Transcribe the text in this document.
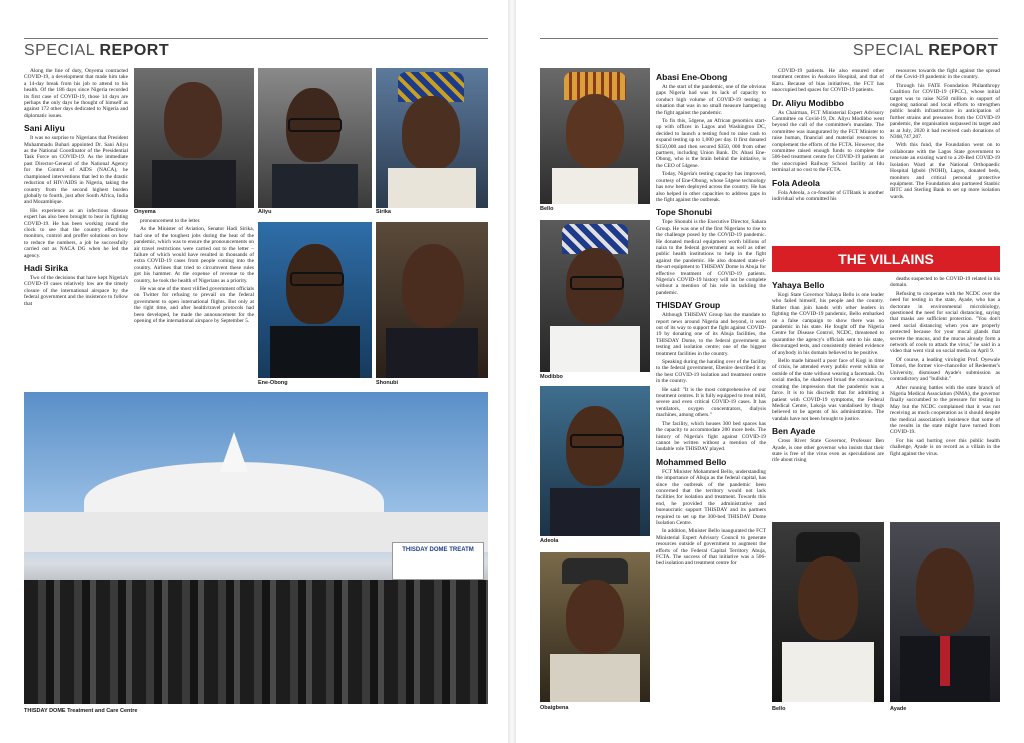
SPECIAL REPORT

Along the line of duty, Onyema contracted COVID-19, a development that made him take a 14-day break from his job to attend to his health. Of the 186 days since Nigeria recorded its first case of COVID-19, those 14 days are perhaps the only days he thought of himself as against 172 other days dedicated to Nigeria and diplomatic issues.

Sani Aliyu

It was no surprise to Nigerians that President Muhammadu Buhari appointed Dr. Sani Aliyu as the National Coordinator of the Presidential Task Force on COVID-19. As the immediate past Director-General of the National Agency for the Control of AIDS (NACA), he championed interventions that led to the drastic reduction of HIV/AIDS in Nigeria, taking the country from the second highest burden globally to fourth, just after South Africa, India and Mozambique.

His experience as an infectious disease expert has also been brought to bear in fighting COVID-19. He has been working round the clock to see that the country effectively monitors, control and proffer solutions on how to reduce the numbers, a job he successfully carried out as NACA DG when he led the agency.

Hadi Sirika

Two of the decisions that have kept Nigeria's COVID-19 cases relatively low are the timely closure of the international airspace by the federal government and the insistence to follow that

Onyema	Aliyu	Sirika

pronouncement to the letter.

As the Minister of Aviation, Senator Hadi Sirika, had one of the toughest jobs during the heat of the pandemic, which was to ensure the pronouncements on air travel restrictions were carried out to the letter – failure of which would have resulted in thousands of extra COVID-19 cases from people coming into the country. Airlines that tried to circumvent these rules got his hammer. At the expense of revenue to the country, he took the health of Nigerians as a priority.

He was one of the most vilified government officials on Twitter for refusing to prevail on the federal government to open international flights. But only at the right time, and after health/travel protocols had been developed, he made the announcement for the opening of the international airspace by September 5.

Ene-Obong	Shonubi
THISDAY DOME TREATM
THISDAY DOME Treatment and Care Centre
SPECIAL REPORT
Bello
Modibbo
Adeola
Obaigbena
Abasi Ene-Obong

At the start of the pandemic, one of the obvious gaps Nigeria had was its lack of capacity to conduct high volume of COVID-19 testing; a situation that was in no small measure hampering the fight against the pandemic.

To fix this, 54gene, an African genomics start-up with offices in Lagos and Washington DC, decided to launch a testing fund to raise cash to expand testing up to 1,000 per day. It first donated $150,000 and then secured $350, 000 from other partners, including Union Bank. Dr. Abasi Ene-Obong, who is the brain behind the initiative, is the CEO of 54gene.

Today, Nigeria's testing capacity has improved, courtesy of Ene-Obong, whose 54gene technology has now been deployed across the country. He has also helped in other capacities to address gaps in the fight against the outbreak.

Tope Shonubi

Tope Shonubi is the Executive Director, Sahara Group. He was one of the first Nigerians to rise to the challenge posed by the COVID-19 pandemic. He donated medical equipment worth billions of naira to the federal government as well as other public health institutions to help in the fight against the pandemic. He also donated state-of-the-art equipment to THISDAY Dome in Abuja for effective treatment of COVID-19 patients. Nigeria's COVID-19 history will not be complete without a mention of his role in tackling the pandemic.

THISDAY Group

Although THISDAY Group has the mandate to report news around Nigeria and beyond, it went out of its way to support the fight against COVID-19 by donating one of its Abuja facilities, the THISDAY Dome, to the federal government as testing and isolation centre; one of the biggest treatment facilities in the country.

Speaking during the handing over of the facility to the federal government, Ebenire described it as the best COVID-19 isolation and treatment centre in the country.

He said: "It is the most comprehensive of our treatment centres. It is fully equipped to treat mild, severe and even critical COVID-19 cases. It has ventilators, oxygen concentrators, dialysis machines, among others."

The facility, which houses 300 bed spaces has the capacity to accommodate 200 more beds. The history of Nigeria's fight against COVID-19 cannot be written without a mention of the laudable role THISDAY played.

Mohammed Bello

FCT Minister Mohammed Bello, understanding the importance of Abuja as the federal capital, has since the outbreak of the pandemic been concerned that the territory would not lack facilities for isolation and treatment. Towards this end, he provided the administrative and bureaucratic support THISDAY and its partners required to set up the 300-bed THISDAY Dome Isolation Centre.

In addition, Minister Bello inaugurated the FCT Ministerial Expert Advisory Council to generate resources outside of government to augment the efforts of the Federal Capital Territory Abuja, FCTA. The success of that initiative was a 506-bed isolation and treatment centre for

COVID-19 patients. He also ensured other treatment centres in Asokoro Hospital, and that of Karu. Because of bias initiatives, the FCT has unoccupied bed spaces for COVID-19 patients.

Dr. Aliyu Modibbo

As Chairman, FCT Ministerial Expert Advisory Committee on Covid-19, Dr. Aliyu Modibbo went beyond the call of the committee's mandate. The committee was inaugurated by the FCT Minister to raise human, financial and material resources to complement the efforts of the FCTA. However, the committee raised enough funds to complete the 506-bed treatment centre for COVID-19 patients at the unoccupied Railway School facility at Idu terminal at no cost to the FCTA.

Fola Adeola

Fola Adeola, a co-founder of GTBank is another individual who committed his

resources towards the fight against the spread of the Covid-19 pandemic in the country.

Through his FATE Foundation Philanthropy Coalition for COVID-19 (FPCC), whose initial target was to raise N250 million in support of ongoing national and local efforts to strengthen public health infrastructure in anticipation of further strains and pressures from the COVID-19 pandemic, the organisation surpassed its target and as at July, 2020 it had received cash donations of N368,747,207.

With this fund, the Foundation went on to collaborate with the Lagos State government to renovate an existing ward to a 20-Bed COVID-19 Isolation Ward at the National Orthopaedic Hospital Igbobi (NOHI), Lagos, donated beds, monitors and critical personal protective equipment. The Foundation also partnered Stanbic IBTC and Sterling Bank to set up more isolation wards.

THE VILLAINS
Yahaya Bello

Kogi State Governor Yahaya Bello is one leader who failed himself, his people and the country. Rather than join hands with other leaders in fighting the COVID-19 pandemic, Bello embarked on a false campaign to show there was no pandemic in his state. He fought off the Nigeria Centre for Disease Control, NCDC, threatened to quarantine the agency's officials sent to his state, discouraged tests, and consistently denied evidence of anybody in his domain believed to be positive.

Bello made himself a poor face of Kogi in time of crisis, he attended every public event within or outside of the state without wearing a facemask. On social media, he shadowed broad the coronavirus, creating the impression that the pandemic was a farce. It is to his discredit that for admitting a patient with COVID-19 symptoms, the Federal Medical Centre, Lokoja was vandalised by thugs believed to be agents of his administration. The vandals have not been brought to justice.

Ben Ayade

Cross River State Governor, Professor Ben Ayade, is one other governor who insists that their state is free of the virus even as speculations are rife about rising

deaths suspected to be COVID-19 related in his domain.

Refusing to cooperate with the NCDC over the need for testing in the state, Ayade, who has a doctorate in environmental microbiology, questioned the need for social distancing, saying that masks are sufficient protection. "You don't need social distancing when you are properly protected because for your mucal glands that secrete the mucus, and the mucus already form a network of cools to attack the virus," he said in a video that went viral on social media on April 9.

Of course, a leading virologist Prof. Oyewale Tomori, the former vice-chancellor of Redeemer's University, dismissed Ayade's submission as contradictory and "bullshit."

After running battles with the state branch of Nigeria Medical Association (NMA), the governor finally succumbed to the pressure for testing in May but the NCDC complained that it was not receiving as much cooperation as it should despite the medical association's insistence that some of the results in the state might have turned from COVID-19.

For his sad hurting over this public health challenge, Ayade is on record as a villain in the fight against the virus.

Bello	Ayade
